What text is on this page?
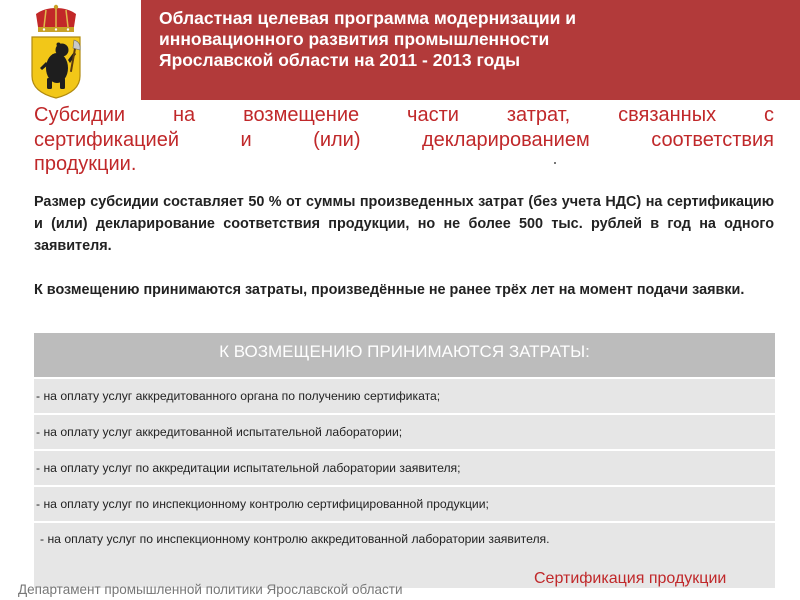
Областная целевая программа модернизации и
инновационного развития промышленности
Ярославской области на 2011 - 2013 годы
Субсидии на возмещение части затрат, связанных с
сертификацией и (или) декларированием соответствия
продукции.

Размер субсидии составляет 50 % от суммы произведенных затрат (без учета НДС) на сертификацию и (или) декларирование соответствия продукции, но не более 500 тыс. рублей в год на одного заявителя.

К возмещению принимаются затраты, произведённые не ранее трёх лет на момент подачи заявки.

К ВОЗМЕЩЕНИЮ ПРИНИМАЮТСЯ ЗАТРАТЫ:
- на оплату услуг аккредитованного органа по получению сертификата;
- на оплату услуг аккредитованной испытательной лаборатории;
- на оплату услуг по аккредитации испытательной лаборатории заявителя;
- на оплату услуг по инспекционному контролю сертифицированной продукции;
- на оплату услуг по инспекционному контролю аккредитованной лаборатории заявителя.
Департамент промышленной политики Ярославской области
Сертификация продукции
